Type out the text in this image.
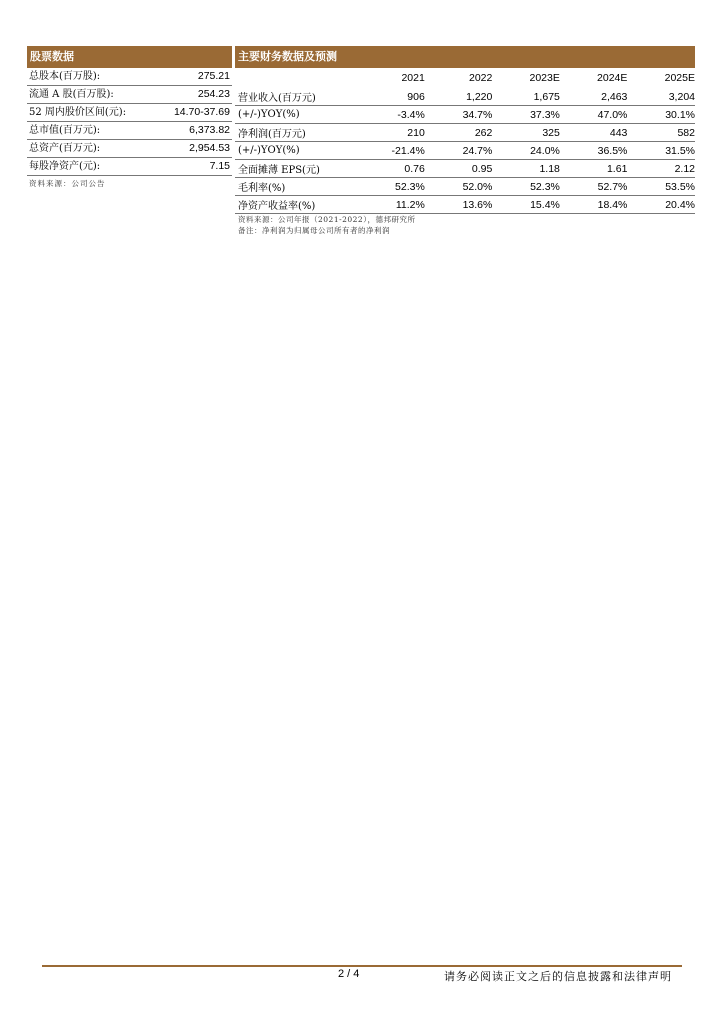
股票数据
总股本(百万股):	275.21
流通 A 股(百万股):	254.23
52 周内股价区间(元):	14.70-37.69
总市值(百万元):	6,373.82
总资产(百万元):	2,954.53
每股净资产(元):	7.15
资料来源：公司公告
主要财务数据及预测
	2021	2022	2023E	2024E	2025E
营业收入(百万元)	906	1,220	1,675	2,463	3,204
(+/-)YOY(%)	-3.4%	34.7%	37.3%	47.0%	30.1%
净利润(百万元)	210	262	325	443	582
(+/-)YOY(%)	-21.4%	24.7%	24.0%	36.5%	31.5%
全面摊薄 EPS(元)	0.76	0.95	1.18	1.61	2.12
毛利率(%)	52.3%	52.0%	52.3%	52.7%	53.5%
净资产收益率(%)	11.2%	13.6%	15.4%	18.4%	20.4%
资料来源：公司年报（2021-2022），德邦研究所
备注：净利润为归属母公司所有者的净利润
2 / 4	请务必阅读正文之后的信息披露和法律声明
